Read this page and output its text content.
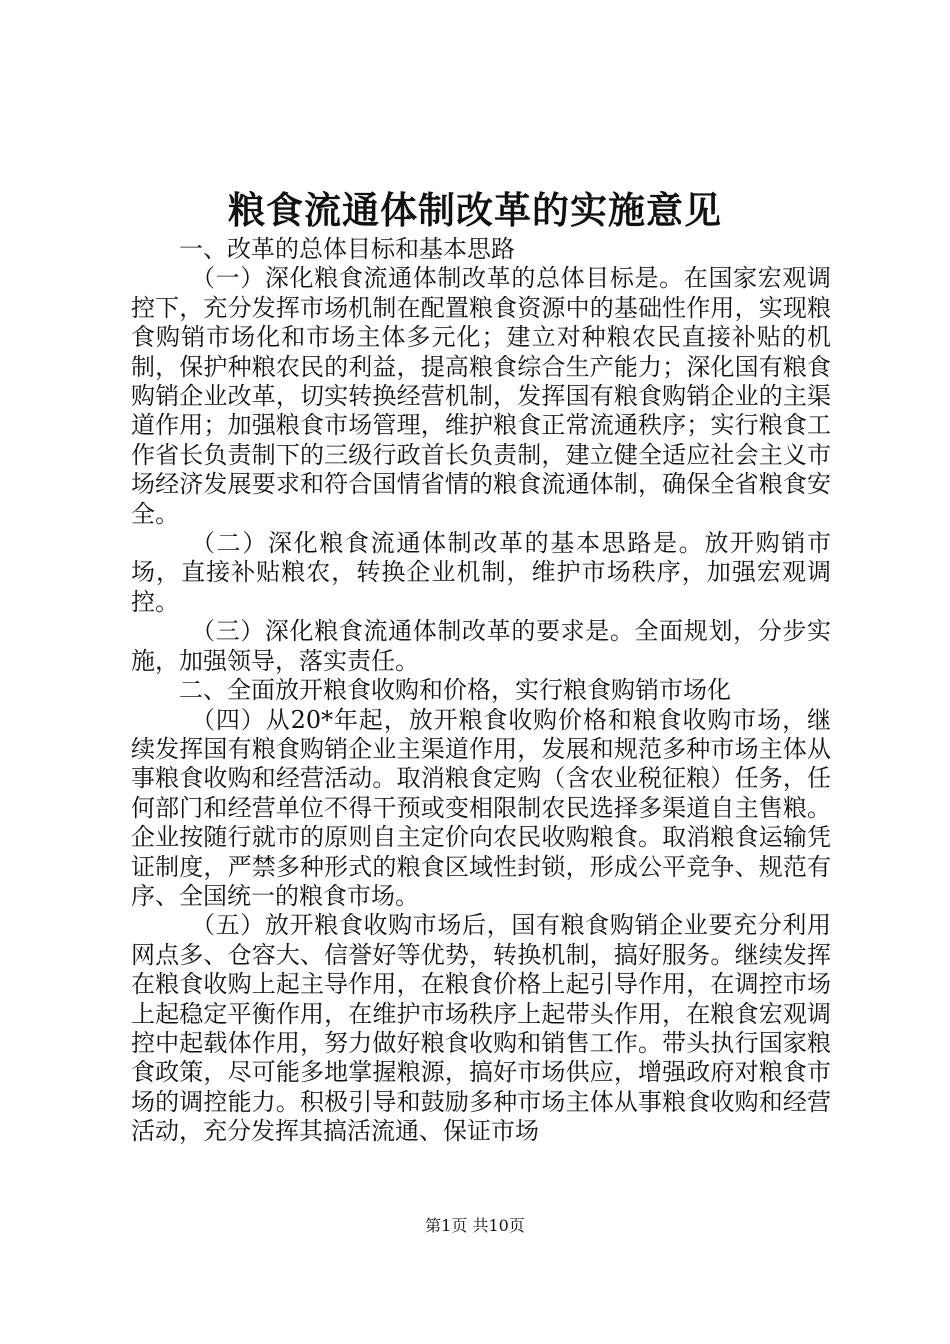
粮食流通体制改革的实施意见

一、改革的总体目标和基本思路

（一）深化粮食流通体制改革的总体目标是。在国家宏观调控下，充分发挥市场机制在配置粮食资源中的基础性作用，实现粮食购销市场化和市场主体多元化；建立对种粮农民直接补贴的机制，保护种粮农民的利益，提高粮食综合生产能力；深化国有粮食购销企业改革，切实转换经营机制，发挥国有粮食购销企业的主渠道作用；加强粮食市场管理，维护粮食正常流通秩序；实行粮食工作省长负责制下的三级行政首长负责制，建立健全适应社会主义市场经济发展要求和符合国情省情的粮食流通体制，确保全省粮食安全。

（二）深化粮食流通体制改革的基本思路是。放开购销市场，直接补贴粮农，转换企业机制，维护市场秩序，加强宏观调控。

（三）深化粮食流通体制改革的要求是。全面规划，分步实施，加强领导，落实责任。

二、全面放开粮食收购和价格，实行粮食购销市场化

（四）从20*年起，放开粮食收购价格和粮食收购市场，继续发挥国有粮食购销企业主渠道作用，发展和规范多种市场主体从事粮食收购和经营活动。取消粮食定购（含农业税征粮）任务，任何部门和经营单位不得干预或变相限制农民选择多渠道自主售粮。企业按随行就市的原则自主定价向农民收购粮食。取消粮食运输凭证制度，严禁多种形式的粮食区域性封锁，形成公平竞争、规范有序、全国统一的粮食市场。

（五）放开粮食收购市场后，国有粮食购销企业要充分利用网点多、仓容大、信誉好等优势，转换机制，搞好服务。继续发挥在粮食收购上起主导作用，在粮食价格上起引导作用，在调控市场上起稳定平衡作用，在维护市场秩序上起带头作用，在粮食宏观调控中起载体作用，努力做好粮食收购和销售工作。带头执行国家粮食政策，尽可能多地掌握粮源，搞好市场供应，增强政府对粮食市场的调控能力。积极引导和鼓励多种市场主体从事粮食收购和经营活动，充分发挥其搞活流通、保证市场

第1页 共10页
